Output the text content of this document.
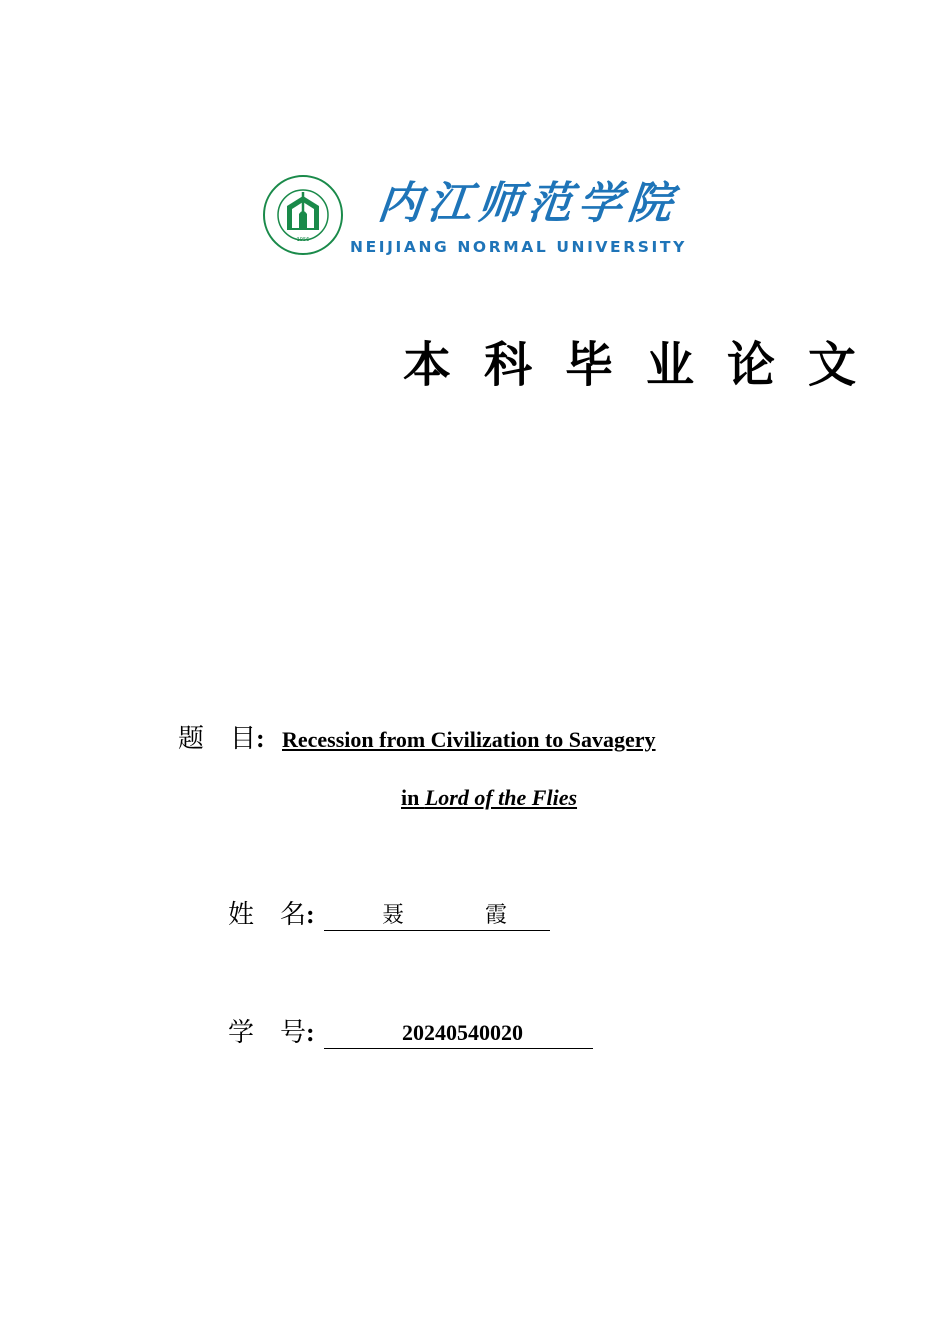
1956
内江师范学院
NEIJIANG NORMAL UNIVERSITY
本科毕业论文
题　目: Recession from Civilization to Savagery
in Lord of the Flies
姓　名:	聂	霞
学　号:	20240540020
